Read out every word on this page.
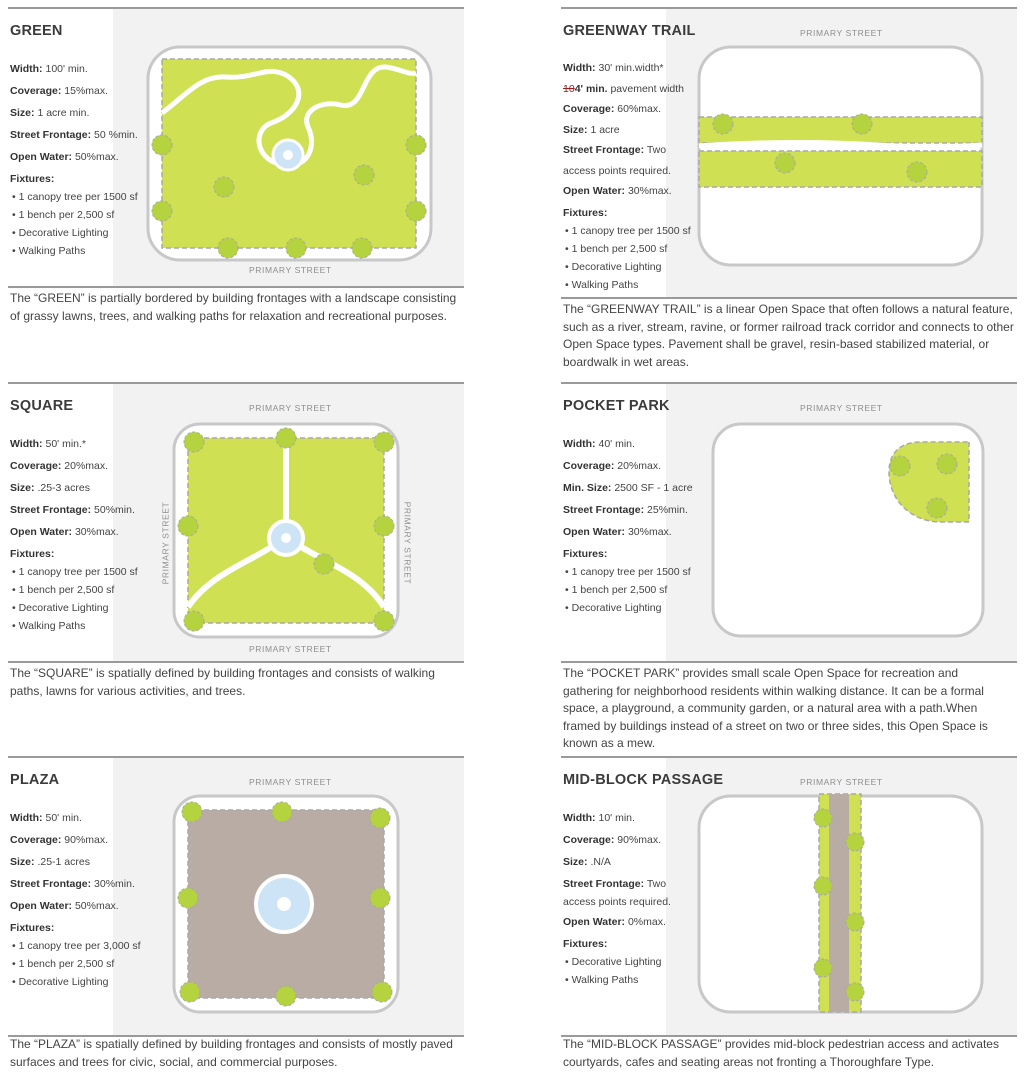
GREEN
Width: 100' min.
Coverage: 15%max.
Size: 1 acre min.
Street Frontage: 50 %min.
Open Water: 50%max.
Fixtures:
• 1 canopy tree per 1500 sf
• 1 bench per 2,500 sf
• Decorative Lighting
• Walking Paths
PRIMARY STREET
The “GREEN” is partially bordered by building frontages with a landscape consisting of grassy lawns, trees, and walking paths for relaxation and recreational purposes.
GREENWAY TRAIL
Width: 30' min.width*
104' min. pavement width
Coverage: 60%max.
Size: 1 acre
Street Frontage: Two
access points required.
Open Water: 30%max.
Fixtures:
• 1 canopy tree per 1500 sf
• 1 bench per 2,500 sf
• Decorative Lighting
• Walking Paths
PRIMARY STREET
The “GREENWAY TRAIL” is a linear Open Space that often follows a natural feature, such as a river, stream, ravine, or former railroad track corridor and connects to other Open Space types. Pavement shall be gravel, resin-based stabilized material, or boardwalk in wet areas.
SQUARE
Width: 50' min.*
Coverage: 20%max.
Size: .25-3 acres
Street Frontage: 50%min.
Open Water: 30%max.
Fixtures:
• 1 canopy tree per 1500 sf
• 1 bench per 2,500 sf
• Decorative Lighting
• Walking Paths
PRIMARY STREET
PRIMARY STREET	PRIMARY STREET
PRIMARY STREET
The “SQUARE” is spatially defined by building frontages and consists of walking paths, lawns for various activities, and trees.
POCKET PARK
Width: 40' min.
Coverage: 20%max.
Min. Size: 2500 SF - 1 acre
Street Frontage: 25%min.
Open Water: 30%max.
Fixtures:
• 1 canopy tree per 1500 sf
• 1 bench per 2,500 sf
• Decorative Lighting
PRIMARY STREET
The “POCKET PARK” provides small scale Open Space for recreation and gathering for neighborhood residents within walking distance. It can be a formal space, a playground, a community garden, or a natural area with a path.When framed by buildings instead of a street on two or three sides, this Open Space is known as a mew.
PLAZA
Width: 50' min.
Coverage: 90%max.
Size: .25-1 acres
Street Frontage: 30%min.
Open Water: 50%max.
Fixtures:
• 1 canopy tree per 3,000 sf
• 1 bench per 2,500 sf
• Decorative Lighting
PRIMARY STREET
The “PLAZA” is spatially defined by building frontages and consists of mostly paved surfaces and trees for civic, social, and commercial purposes.
MID-BLOCK PASSAGE
Width: 10' min.
Coverage: 90%max.
Size: .N/A
Street Frontage: Two
access points required.
Open Water: 0%max.
Fixtures:
• Decorative Lighting
• Walking Paths
PRIMARY STREET
The “MID-BLOCK PASSAGE” provides mid-block pedestrian access and activates courtyards, cafes and seating areas not fronting a Thoroughfare Type.
